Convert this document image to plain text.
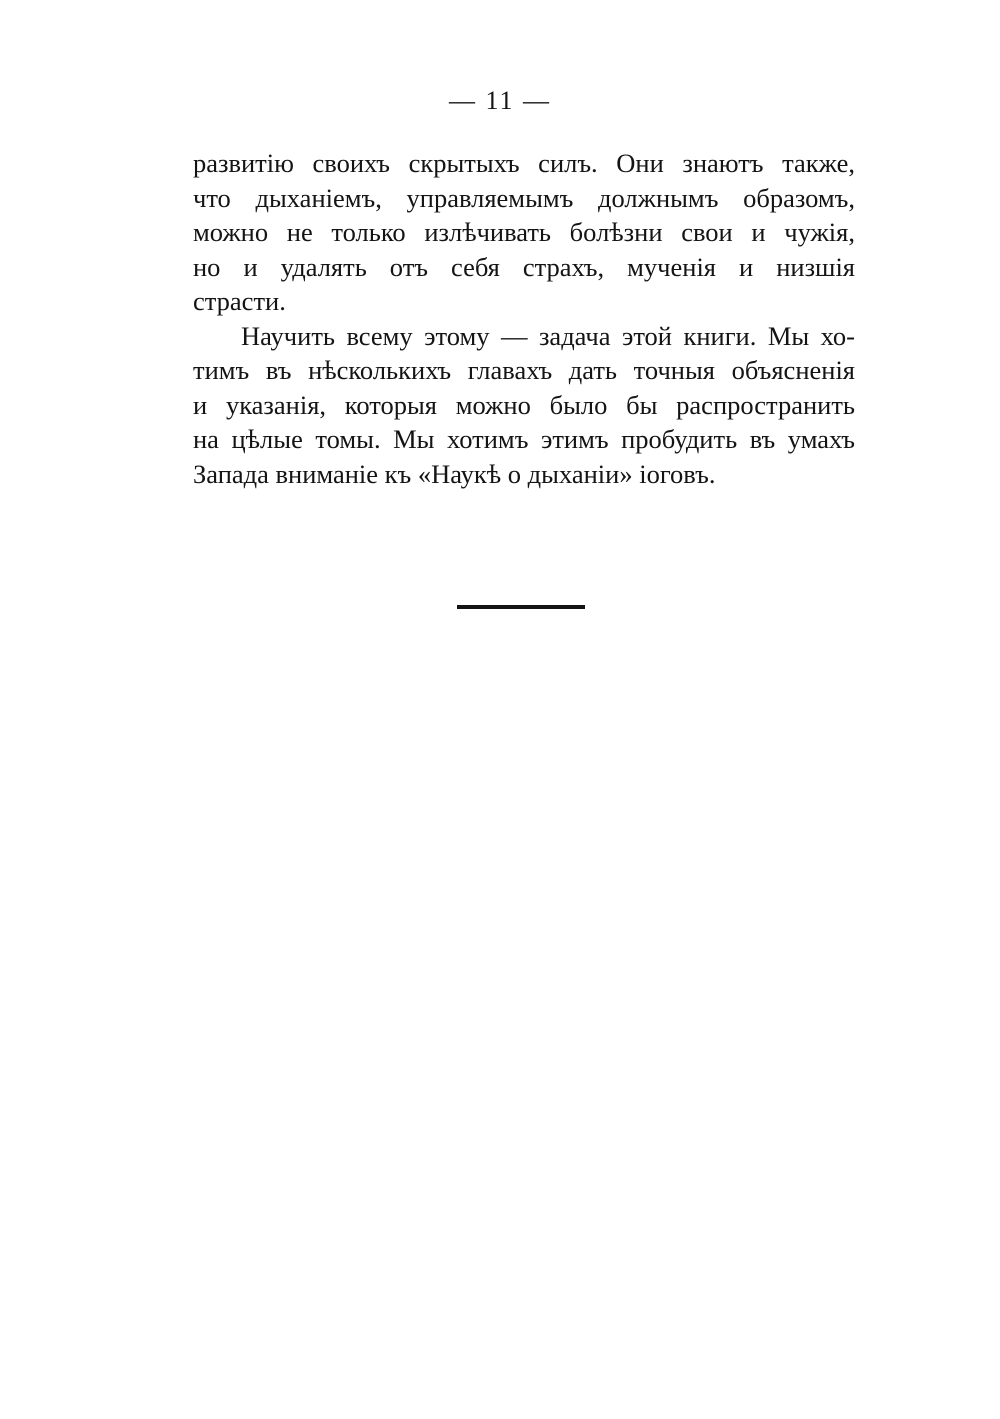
— 11 —
развитію своихъ скрытыхъ силъ. Они знаютъ также,
что дыханіемъ, управляемымъ должнымъ образомъ,
можно не только излѣчивать болѣзни свои и чужія,
но и удалять отъ себя страхъ, мученія и низшія
страсти.
Научить всему этому — задача этой книги. Мы хо-
тимъ въ нѣсколькихъ главахъ дать точныя объясненія
и указанія, которыя можно было бы распространить
на цѣлые томы. Мы хотимъ этимъ пробудить въ умахъ
Запада вниманіе къ «Наукѣ о дыханіи» іоговъ.
